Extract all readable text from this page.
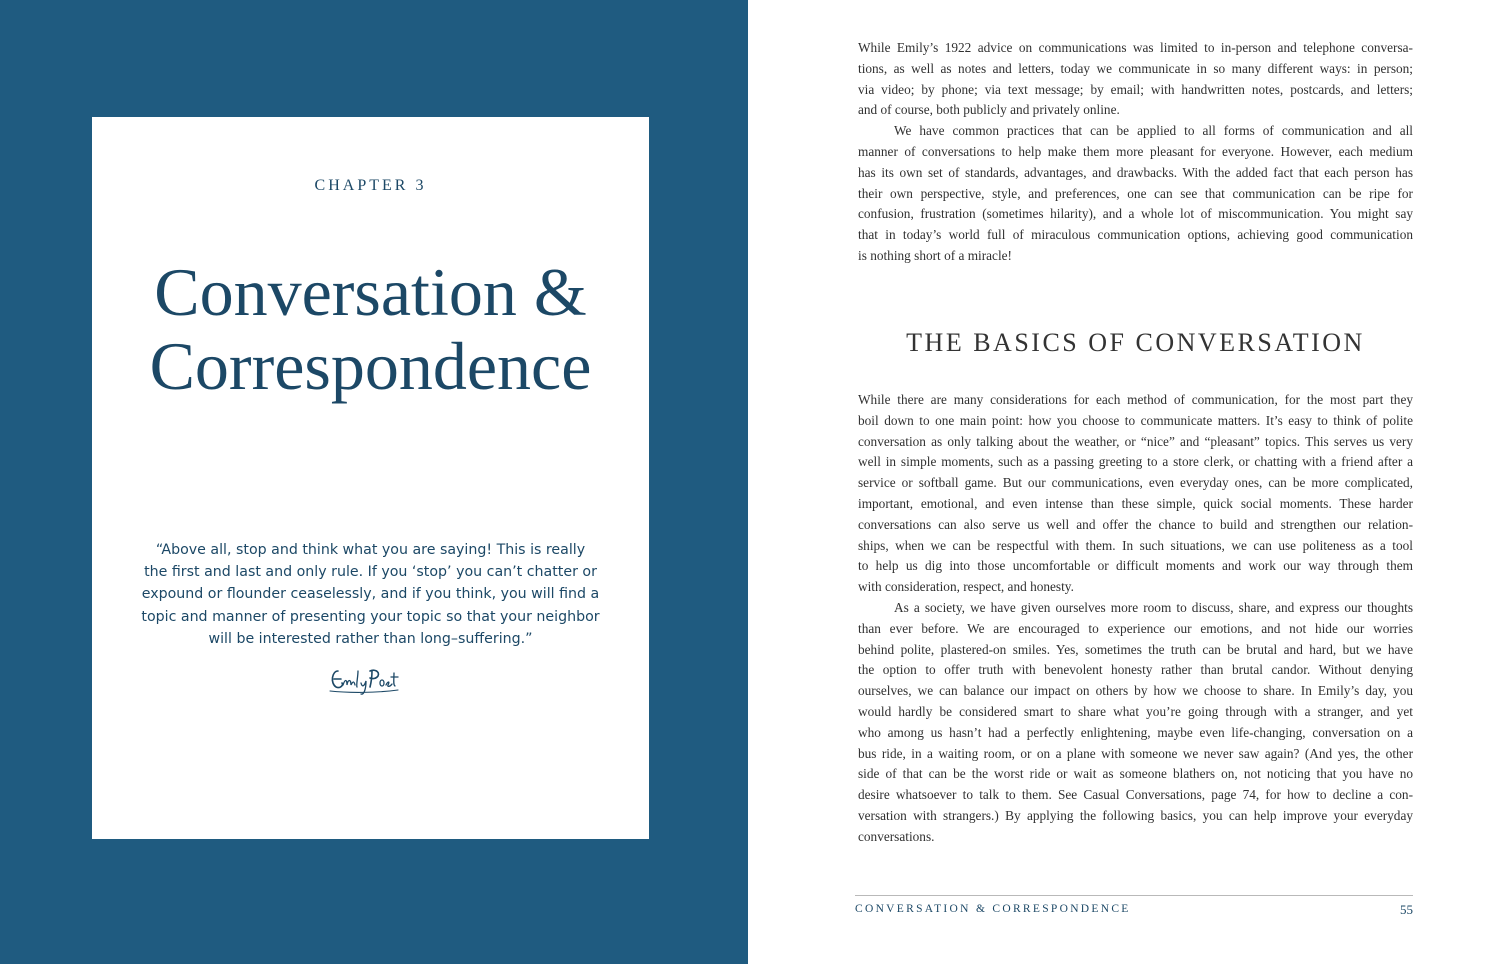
CHAPTER 3
Conversation &
Correspondence

“Above all, stop and think what you are saying! This is really

the first and last and only rule. If you ‘stop’ you can’t chatter or

expound or flounder ceaselessly, and if you think, you will find a

topic and manner of presenting your topic so that your neighbor

will be interested rather than long–suffering.”

While Emily’s 1922 advice on communications was limited to in-person and telephone conversa-
tions, as well as notes and letters, today we communicate in so many different ways: in person;
via video; by phone; via text message; by email; with handwritten notes, postcards, and letters;
and of course, both publicly and privately online.
We have common practices that can be applied to all forms of communication and all
manner of conversations to help make them more pleasant for everyone. However, each medium
has its own set of standards, advantages, and drawbacks. With the added fact that each person has
their own perspective, style, and preferences, one can see that communication can be ripe for
confusion, frustration (sometimes hilarity), and a whole lot of miscommunication. You might say
that in today’s world full of miraculous communication options, achieving good communication
is nothing short of a miracle!
THE BASICS OF CONVERSATION
While there are many considerations for each method of communication, for the most part they
boil down to one main point: how you choose to communicate matters. It’s easy to think of polite
conversation as only talking about the weather, or “nice” and “pleasant” topics. This serves us very
well in simple moments, such as a passing greeting to a store clerk, or chatting with a friend after a
service or softball game. But our communications, even everyday ones, can be more complicated,
important, emotional, and even intense than these simple, quick social moments. These harder
conversations can also serve us well and offer the chance to build and strengthen our relation-
ships, when we can be respectful with them. In such situations, we can use politeness as a tool
to help us dig into those uncomfortable or difficult moments and work our way through them
with consideration, respect, and honesty.
As a society, we have given ourselves more room to discuss, share, and express our thoughts
than ever before. We are encouraged to experience our emotions, and not hide our worries
behind polite, plastered-on smiles. Yes, sometimes the truth can be brutal and hard, but we have
the option to offer truth with benevolent honesty rather than brutal candor. Without denying
ourselves, we can balance our impact on others by how we choose to share. In Emily’s day, you
would hardly be considered smart to share what you’re going through with a stranger, and yet
who among us hasn’t had a perfectly enlightening, maybe even life-changing, conversation on a
bus ride, in a waiting room, or on a plane with someone we never saw again? (And yes, the other
side of that can be the worst ride or wait as someone blathers on, not noticing that you have no
desire whatsoever to talk to them. See Casual Conversations, page 74, for how to decline a con-
versation with strangers.) By applying the following basics, you can help improve your everyday
conversations.
CONVERSATION & CORRESPONDENCE	55
